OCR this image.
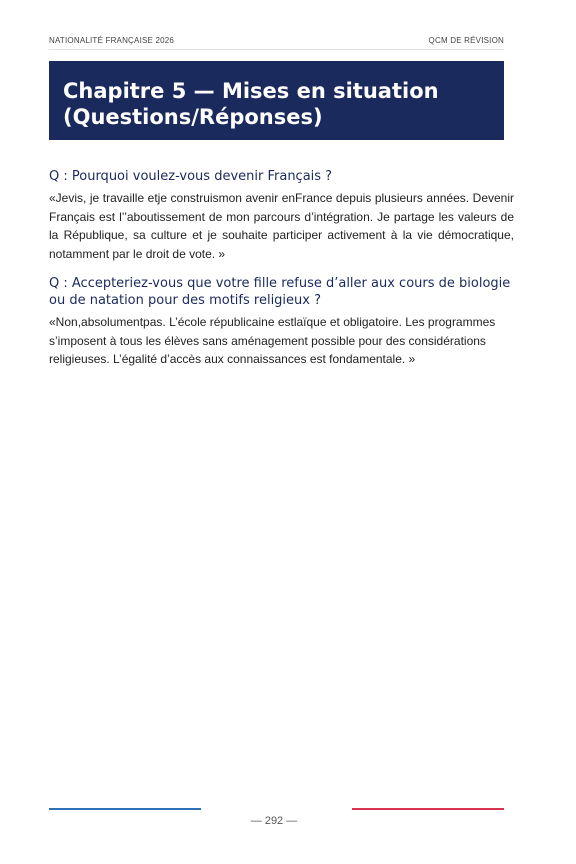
NATIONALITÉ FRANÇAISE 2026	QCM DE RÉVISION
Chapitre 5 — Mises en situation (Questions/Réponses)

Q : Pourquoi voulez-vous devenir Français ?

«Jevis, je travaille etje construismon avenir enFrance depuis plusieurs années. Devenir Français est l’’aboutissement de mon parcours d’intégration. Je partage les valeurs de la République, sa culture et je souhaite participer activement à la vie démocratique, notamment par le droit de vote. »

Q : Accepteriez-vous que votre fille refuse d’aller aux cours de biologie ou de natation pour des motifs religieux ?

«Non,absolumentpas. L’école républicaine estlaïque et obligatoire. Les programmes s’imposent à tous les élèves sans aménagement possible pour des considérations religieuses. L’égalité d’accès aux connaissances est fondamentale. »

— 292 —
